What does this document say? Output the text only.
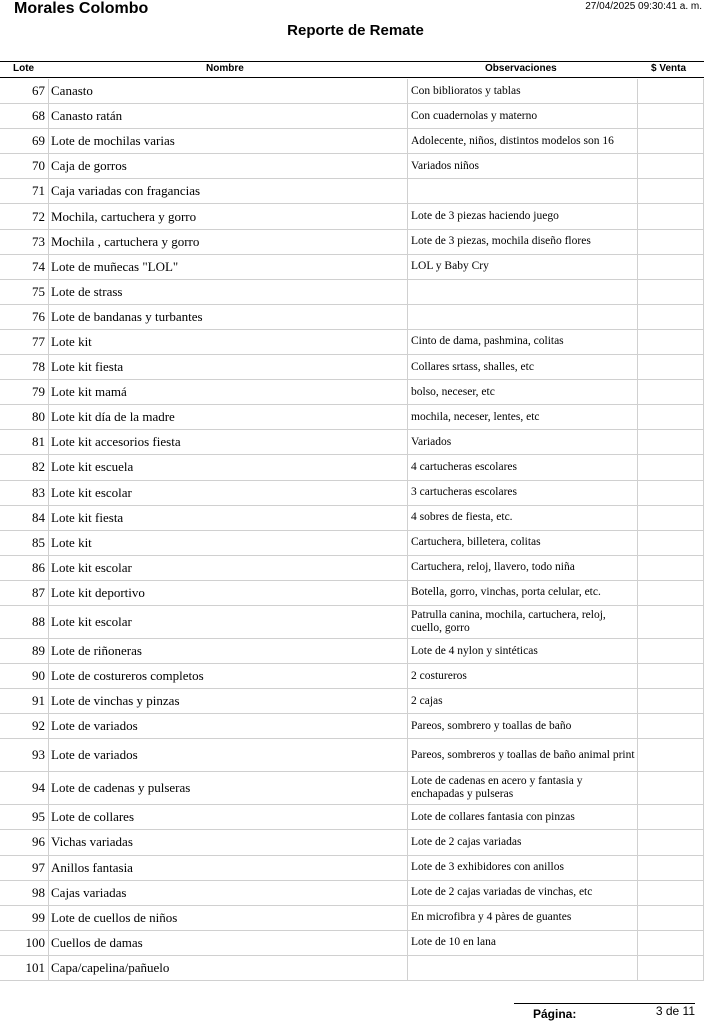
Morales Colombo	27/04/2025 09:30:41 a. m.
Reporte de Remate
Lote	Nombre	Observaciones	$ Venta
67	Canasto	Con biblioratos y tablas	
68	Canasto ratán	Con cuadernolas y materno	
69	Lote de mochilas varias	Adolecente, niños, distintos modelos son 16	
70	Caja de gorros	Variados niños	
71	Caja variadas con fragancias		
72	Mochila, cartuchera y gorro	Lote de 3 piezas haciendo juego	
73	Mochila , cartuchera y gorro	Lote de 3 piezas, mochila diseño flores	
74	Lote de muñecas "LOL"	LOL y Baby Cry	
75	Lote de strass		
76	Lote de bandanas y turbantes		
77	Lote kit	Cinto de dama, pashmina, colitas	
78	Lote kit fiesta	Collares srtass, shalles, etc	
79	Lote kit mamá	bolso, neceser, etc	
80	Lote kit día de la madre	mochila, neceser, lentes, etc	
81	Lote kit accesorios fiesta	Variados	
82	Lote kit escuela	4 cartucheras escolares	
83	Lote kit escolar	3 cartucheras escolares	
84	Lote kit fiesta	4 sobres de fiesta, etc.	
85	Lote kit	Cartuchera, billetera, colitas	
86	Lote kit escolar	Cartuchera, reloj, llavero, todo niña	
87	Lote kit deportivo	Botella, gorro, vinchas, porta celular, etc.	
88	Lote kit escolar	Patrulla canina, mochila, cartuchera, reloj, cuello, gorro	
89	Lote de riñoneras	Lote de 4 nylon y sintéticas	
90	Lote de costureros completos	2 costureros	
91	Lote de vinchas y pinzas	2 cajas	
92	Lote de variados	Pareos, sombrero y toallas de baño	
93	Lote de variados	Pareos, sombreros y toallas de baño animal print	
94	Lote de cadenas y pulseras	Lote de cadenas en acero y fantasia y enchapadas y pulseras	
95	Lote de collares	Lote de collares fantasia con pinzas	
96	Vichas variadas	Lote de 2 cajas variadas	
97	Anillos fantasia	Lote de 3 exhibidores con anillos	
98	Cajas variadas	Lote de 2 cajas variadas de vinchas, etc	
99	Lote de cuellos de niños	En microfibra y 4 pàres de guantes	
100	Cuellos de damas	Lote de 10 en lana	
101	Capa/capelina/pañuelo		
Página:	3 de 11
